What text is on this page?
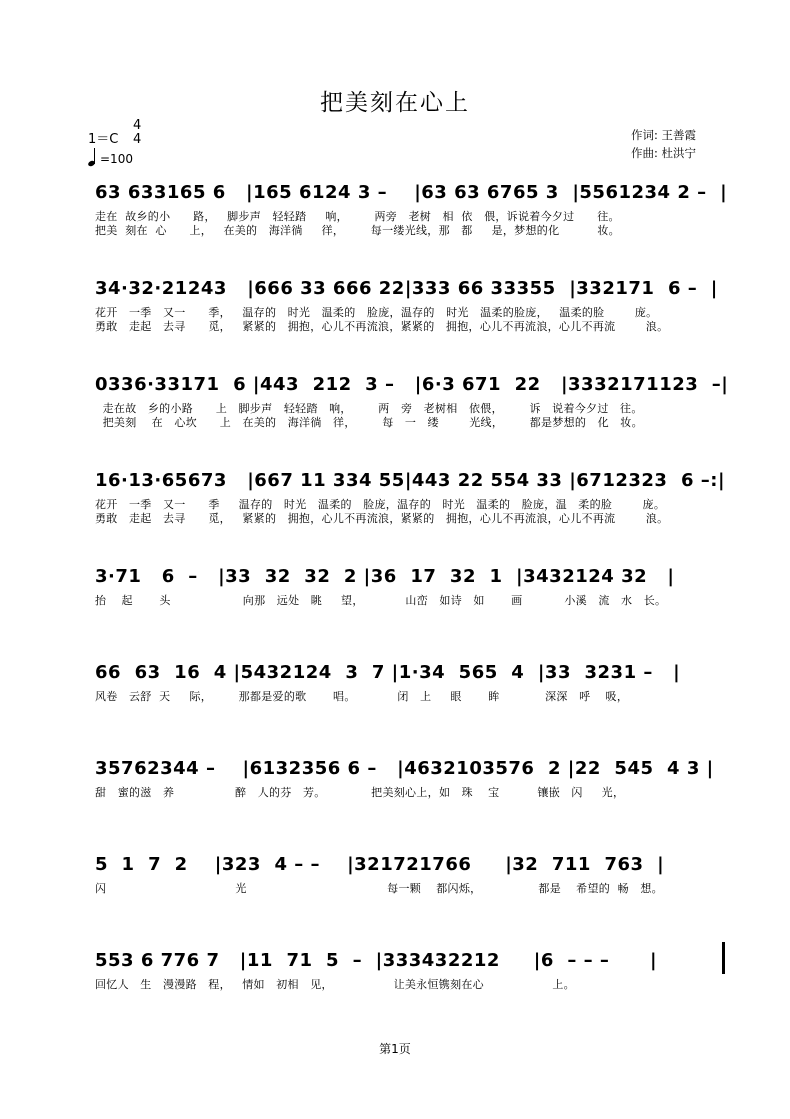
把美刻在心上
1＝C
4
4
=100
作词: 王善霞
作曲: 杜洪宁
63 633165 6   |165 6124 3 –    |63 63 6765 3  |5561234 2 –  |
走在  故乡的小      路，   脚步声   轻轻踏     响，       两旁   老树   相  依   偎，诉说着今夕过      往。
把美  刻在  心      上，   在美的   海洋徜     徉，       每一缕光线，那   都     是，梦想的化          妆。
34·32·21243   |666 33 666 22|333 66 33355  |332171  6 –  |
花开   一季   又一      季，   温存的   时光   温柔的   脸庞，温存的   时光   温柔的脸庞，   温柔的脸        庞。
勇敢   走起   去寻      觅，   紧紧的   拥抱，心儿不再流浪，紧紧的   拥抱，心儿不再流浪，心儿不再流        浪。
0336·33171  6 |443  212  3 –   |6·3 671  22   |3332171123  –|
走在故   乡的小路      上   脚步声   轻轻踏   响，       两   旁   老树相   依偎，       诉   说着今夕过   往。
把美刻    在   心坎      上   在美的   海洋徜   徉，       每   一   缕        光线，       都是梦想的   化   妆。
16·13·65673   |667 11 334 55|443 22 554 33 |6712323  6 –:|
花开   一季   又一      季     温存的   时光   温柔的   脸庞，温存的   时光   温柔的   脸庞，温   柔的脸        庞。
勇敢   走起   去寻      觅，   紧紧的   拥抱，心儿不再流浪，紧紧的   拥抱，心儿不再流浪，心儿不再流        浪。
3·71   6  –   |33  32  32  2 |36  17  32  1  |3432124 32   |
抬    起       头                   向那   远处   眺     望，           山峦   如诗   如       画           小溪   流   水   长。
66  63  16  4 |5432124  3  7 |1·34  565  4  |33  3231 –   |
风卷   云舒  天     际，       那都是爱的歌       唱。           闭   上     眼       眸            深深   呼    吸，
35762344 –    |6132356 6 –   |4632103576  2 |22  545  4 3 |
甜   蜜的滋   养                醉   人的芬   芳。            把美刻心上，如   珠    宝          镶嵌   闪     光，
5  1  7  2    |323  4 – –    |321721766     |32  711  763  |
闪                                  光                                     每一颗    都闪烁，               都是    希望的  畅   想。
553 6 776 7   |11  71  5  –  |333432212     |6  – – –      |
回忆人   生   漫漫路   程，   情如   初相   见，                让美永恒镌刻在心                  上。
第1页
